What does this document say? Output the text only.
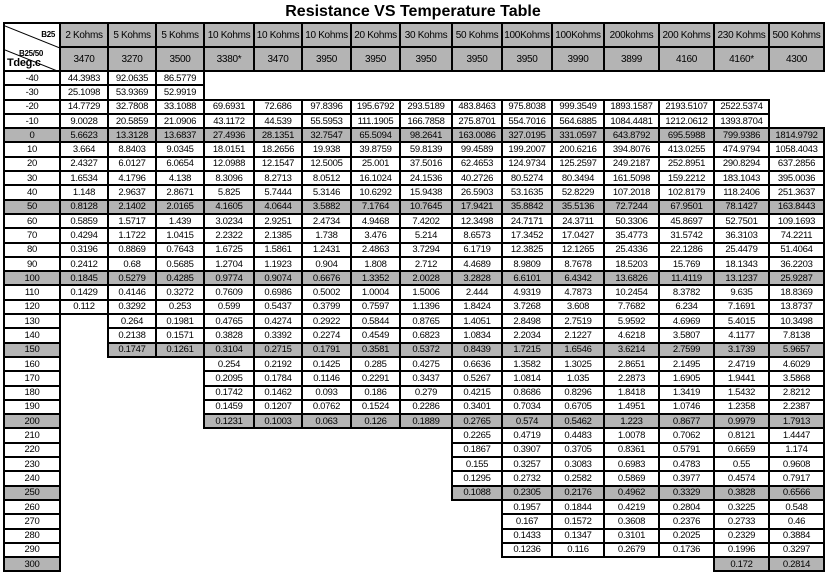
Resistance VS Temperature Table
B25
B25/50
Tdeg.c	2 Kohms	5 Kohms	5 Kohms	10 Kohms	10 Kohms	10 Kohms	20 Kohms	30 Kohms	50 Kohms	100Kohms	100Kohms	200kohms	200 Kohms	230 Kohms	500 Kohms
	3470	3270	3500	3380*	3470	3950	3950	3950	3950	3950	3990	3899	4160	4160*	4300
-40	44.3983	92.0635	86.5779												
-30	25.1098	53.9369	52.9919												
-20	14.7729	32.7808	33.1088	69.6931	72.686	97.8396	195.6792	293.5189	483.8463	975.8038	999.3549	1893.1587	2193.5107	2522.5374	
-10	9.0028	20.5859	21.0906	43.1172	44.539	55.5953	111.1905	166.7858	275.8701	554.7016	564.6885	1084.4481	1212.0612	1393.8704	
0	5.6623	13.3128	13.6837	27.4936	28.1351	32.7547	65.5094	98.2641	163.0086	327.0195	331.0597	643.8792	695.5988	799.9386	1814.9792
10	3.664	8.8403	9.0345	18.0151	18.2656	19.938	39.8759	59.8139	99.4589	199.2007	200.6216	394.8076	413.0255	474.9794	1058.4043
20	2.4327	6.0127	6.0654	12.0988	12.1547	12.5005	25.001	37.5016	62.4653	124.9734	125.2597	249.2187	252.8951	290.8294	637.2856
30	1.6534	4.1796	4.138	8.3096	8.2713	8.0512	16.1024	24.1536	40.2726	80.5274	80.3494	161.5098	159.2212	183.1043	395.0036
40	1.148	2.9637	2.8671	5.825	5.7444	5.3146	10.6292	15.9438	26.5903	53.1635	52.8229	107.2018	102.8179	118.2406	251.3637
50	0.8128	2.1402	2.0165	4.1605	4.0644	3.5882	7.1764	10.7645	17.9421	35.8842	35.5136	72.7244	67.9501	78.1427	163.8443
60	0.5859	1.5717	1.439	3.0234	2.9251	2.4734	4.9468	7.4202	12.3498	24.7171	24.3711	50.3306	45.8697	52.7501	109.1693
70	0.4294	1.1722	1.0415	2.2322	2.1385	1.738	3.476	5.214	8.6573	17.3452	17.0427	35.4773	31.5742	36.3103	74.2211
80	0.3196	0.8869	0.7643	1.6725	1.5861	1.2431	2.4863	3.7294	6.1719	12.3825	12.1265	25.4336	22.1286	25.4479	51.4064
90	0.2412	0.68	0.5685	1.2704	1.1923	0.904	1.808	2.712	4.4689	8.9809	8.7678	18.5203	15.769	18.1343	36.2203
100	0.1845	0.5279	0.4285	0.9774	0.9074	0.6676	1.3352	2.0028	3.2828	6.6101	6.4342	13.6826	11.4119	13.1237	25.9287
110	0.1429	0.4146	0.3272	0.7609	0.6986	0.5002	1.0004	1.5006	2.444	4.9319	4.7873	10.2454	8.3782	9.635	18.8369
120	0.112	0.3292	0.253	0.599	0.5437	0.3799	0.7597	1.1396	1.8424	3.7268	3.608	7.7682	6.234	7.1691	13.8737
130		0.264	0.1981	0.4765	0.4274	0.2922	0.5844	0.8765	1.4051	2.8498	2.7519	5.9592	4.6969	5.4015	10.3498
140		0.2138	0.1571	0.3828	0.3392	0.2274	0.4549	0.6823	1.0834	2.2034	2.1227	4.6218	3.5807	4.1177	7.8138
150		0.1747	0.1261	0.3104	0.2715	0.1791	0.3581	0.5372	0.8439	1.7215	1.6546	3.6214	2.7599	3.1739	5.9657
160				0.254	0.2192	0.1425	0.285	0.4275	0.6636	1.3582	1.3025	2.8651	2.1495	2.4719	4.6029
170				0.2095	0.1784	0.1146	0.2291	0.3437	0.5267	1.0814	1.035	2.2873	1.6905	1.9441	3.5868
180				0.1742	0.1462	0.093	0.186	0.279	0.4215	0.8686	0.8296	1.8418	1.3419	1.5432	2.8212
190				0.1459	0.1207	0.0762	0.1524	0.2286	0.3401	0.7034	0.6705	1.4951	1.0746	1.2358	2.2387
200				0.1231	0.1003	0.063	0.126	0.1889	0.2765	0.574	0.5462	1.223	0.8677	0.9979	1.7913
210									0.2265	0.4719	0.4483	1.0078	0.7062	0.8121	1.4447
220									0.1867	0.3907	0.3705	0.8361	0.5791	0.6659	1.174
230									0.155	0.3257	0.3083	0.6983	0.4783	0.55	0.9608
240									0.1295	0.2732	0.2582	0.5869	0.3977	0.4574	0.7917
250									0.1088	0.2305	0.2176	0.4962	0.3329	0.3828	0.6566
260										0.1957	0.1844	0.4219	0.2804	0.3225	0.548
270										0.167	0.1572	0.3608	0.2376	0.2733	0.46
280										0.1433	0.1347	0.3101	0.2025	0.2329	0.3884
290										0.1236	0.116	0.2679	0.1736	0.1996	0.3297
300														0.172	0.2814
